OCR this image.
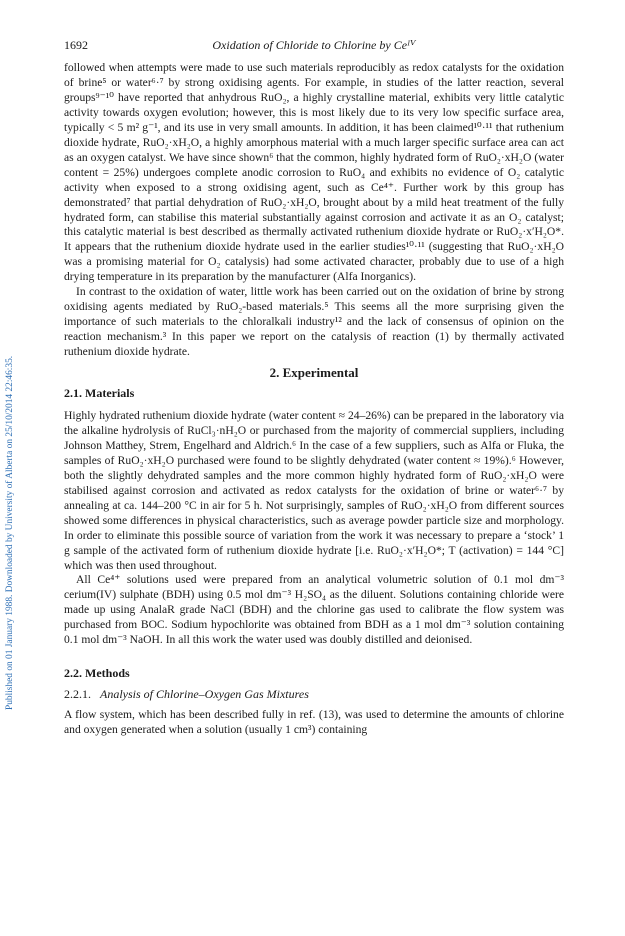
Published on 01 January 1988. Downloaded by University of Alberta on 25/10/2014 22:46:35.
1692	Oxidation of Chloride to Chlorine by Ceᴵⱽ

followed when attempts were made to use such materials reproducibly as redox catalysts for the oxidation of brine⁵ or water⁶·⁷ by strong oxidising agents. For example, in studies of the latter reaction, several groups⁹⁻¹⁰ have reported that anhydrous RuO₂, a highly crystalline material, exhibits very little catalytic activity towards oxygen evolution; however, this is most likely due to its very low specific surface area, typically < 5 m² g⁻¹, and its use in very small amounts. In addition, it has been claimed¹⁰·¹¹ that ruthenium dioxide hydrate, RuO₂·xH₂O, a highly amorphous material with a much larger specific surface area can act as an oxygen catalyst. We have since shown⁶ that the common, highly hydrated form of RuO₂·xH₂O (water content = 25%) undergoes complete anodic corrosion to RuO₄ and exhibits no evidence of O₂ catalytic activity when exposed to a strong oxidising agent, such as Ce⁴⁺. Further work by this group has demonstrated⁷ that partial dehydration of RuO₂·xH₂O, brought about by a mild heat treatment of the fully hydrated form, can stabilise this material substantially against corrosion and activate it as an O₂ catalyst; this catalytic material is best described as thermally activated ruthenium dioxide hydrate or RuO₂·x′H₂O*. It appears that the ruthenium dioxide hydrate used in the earlier studies¹⁰·¹¹ (suggesting that RuO₂·xH₂O was a promising material for O₂ catalysis) had some activated character, probably due to use of a high drying temperature in its preparation by the manufacturer (Alfa Inorganics).

In contrast to the oxidation of water, little work has been carried out on the oxidation of brine by strong oxidising agents mediated by RuO₂-based materials.⁵ This seems all the more surprising given the importance of such materials to the chloralkali industry¹² and the lack of consensus of opinion on the reaction mechanism.³ In this paper we report on the catalysis of reaction (1) by thermally activated ruthenium dioxide hydrate.

2. Experimental
2.1. Materials

Highly hydrated ruthenium dioxide hydrate (water content ≈ 24–26%) can be prepared in the laboratory via the alkaline hydrolysis of RuCl₃·nH₂O or purchased from the majority of commercial suppliers, including Johnson Matthey, Strem, Engelhard and Aldrich.⁶ In the case of a few suppliers, such as Alfa or Fluka, the samples of RuO₂·xH₂O purchased were found to be slightly dehydrated (water content ≈ 19%).⁶ However, both the slightly dehydrated samples and the more common highly hydrated form of RuO₂·xH₂O were stabilised against corrosion and activated as redox catalysts for the oxidation of brine or water⁶·⁷ by annealing at ca. 144–200 °C in air for 5 h. Not surprisingly, samples of RuO₂·xH₂O from different sources showed some differences in physical characteristics, such as average powder particle size and morphology. In order to eliminate this possible source of variation from the work it was necessary to prepare a ‘stock’ 1 g sample of the activated form of ruthenium dioxide hydrate [i.e. RuO₂·x′H₂O*; T (activation) = 144 °C] which was then used throughout.

All Ce⁴⁺ solutions used were prepared from an analytical volumetric solution of 0.1 mol dm⁻³ cerium(IV) sulphate (BDH) using 0.5 mol dm⁻³ H₂SO₄ as the diluent. Solutions containing chloride were made up using AnalaR grade NaCl (BDH) and the chlorine gas used to calibrate the flow system was purchased from BOC. Sodium hypochlorite was obtained from BDH as a 1 mol dm⁻³ solution containing 0.1 mol dm⁻³ NaOH. In all this work the water used was doubly distilled and deionised.

2.2. Methods
2.2.1. Analysis of Chlorine–Oxygen Gas Mixtures

A flow system, which has been described fully in ref. (13), was used to determine the amounts of chlorine and oxygen generated when a solution (usually 1 cm³) containing
